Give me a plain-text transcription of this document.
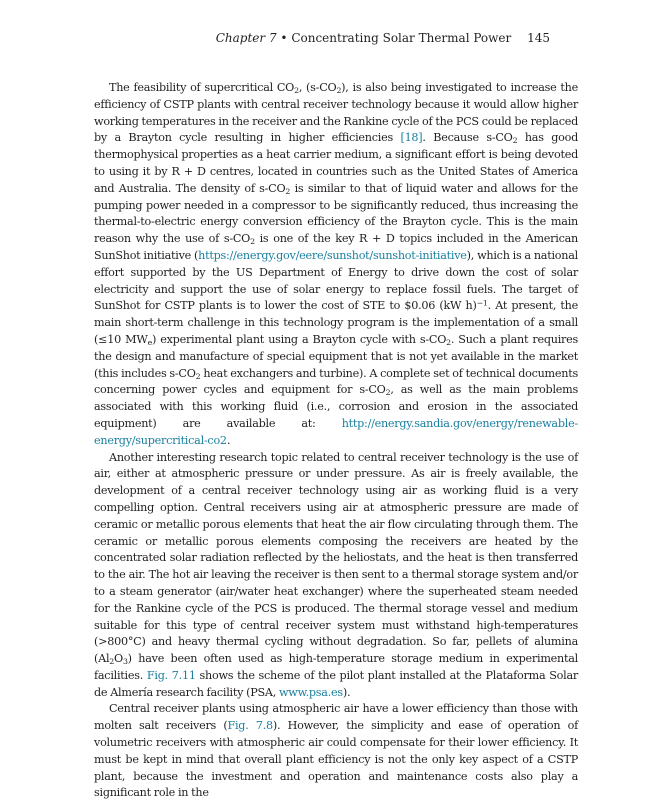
Chapter 7 • Concentrating Solar Thermal Power 145

The feasibility of supercritical $CO_2$, $(s-CO_2)$, is also being investigated to increase the efficiency of CSTP plants with central receiver technology because it would allow higher working temperatures in the receiver and the Rankine cycle of the PCS could be replaced by a Brayton cycle resulting in higher efficiencies [18]. Because $s-CO_2$ has good thermophysical properties as a heat carrier medium, a significant effort is being devoted to using it by R + D centres, located in countries such as the United States of America and Australia. The density of $s-CO_2$ is similar to that of liquid water and allows for the pumping power needed in a compressor to be significantly reduced, thus increasing the thermal-to-electric energy conversion efficiency of the Brayton cycle. This is the main reason why the use of $s-CO_2$ is one of the key R + D topics included in the American SunShot initiative (https://energy.gov/eere/sunshot/sunshot-initiative), which is a national effort supported by the US Department of Energy to drive down the cost of solar electricity and support the use of solar energy to replace fossil fuels. The target of SunShot for CSTP plants is to lower the cost of STE to $0.06 (kW h)$^{-1}$. At present, the main short-term challenge in this technology program is the implementation of a small (≤10 $MW_e$) experimental plant using a Brayton cycle with $s-CO_2$. Such a plant requires the design and manufacture of special equipment that is not yet available in the market (this includes $s-CO_2$ heat exchangers and turbine). A complete set of technical documents concerning power cycles and equipment for $s-CO_2$, as well as the main problems associated with this working fluid (i.e., corrosion and erosion in the associated equipment) are available at: http://energy.sandia.gov/energy/renewable-energy/supercritical-co2.

Another interesting research topic related to central receiver technology is the use of air, either at atmospheric pressure or under pressure. As air is freely available, the development of a central receiver technology using air as working fluid is a very compelling option. Central receivers using air at atmospheric pressure are made of ceramic or metallic porous elements that heat the air flow circulating through them. The ceramic or metallic porous elements composing the receivers are heated by the concentrated solar radiation reflected by the heliostats, and the heat is then transferred to the air. The hot air leaving the receiver is then sent to a thermal storage system and/or to a steam generator (air/water heat exchanger) where the superheated steam needed for the Rankine cycle of the PCS is produced. The thermal storage vessel and medium suitable for this type of central receiver system must withstand high-temperatures (>800°C) and heavy thermal cycling without degradation. So far, pellets of alumina $(Al_2O_3)$ have been often used as high-temperature storage medium in experimental facilities. Fig. 7.11 shows the scheme of the pilot plant installed at the Plataforma Solar de Almería research facility (PSA, www.psa.es).

Central receiver plants using atmospheric air have a lower efficiency than those with molten salt receivers (Fig. 7.8). However, the simplicity and ease of operation of volumetric receivers with atmospheric air could compensate for their lower efficiency. It must be kept in mind that overall plant efficiency is not the only key aspect of a CSTP plant, because the investment and operation and maintenance costs also play a significant role in the
